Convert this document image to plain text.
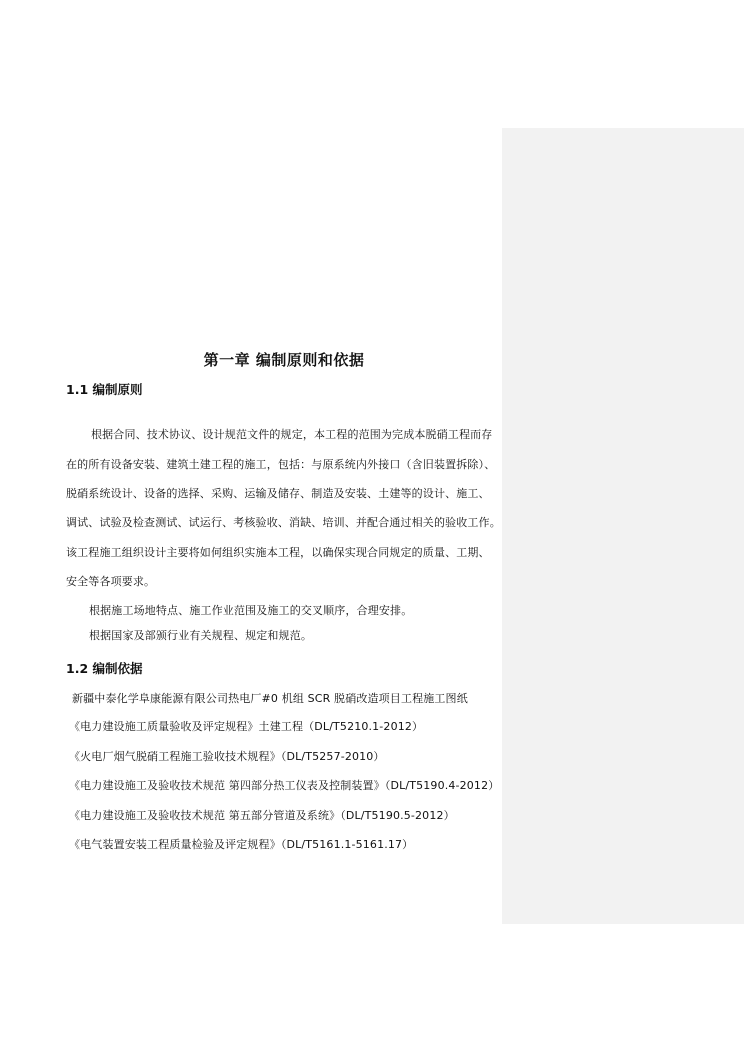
第一章 编制原则和依据
1.1 编制原则
根据合同、技术协议、设计规范文件的规定，本工程的范围为完成本脱硝工程而存
在的所有设备安装、建筑土建工程的施工，包括：与原系统内外接口（含旧装置拆除）、
脱硝系统设计、设备的选择、采购、运输及储存、制造及安装、土建等的设计、施工、
调试、试验及检查测试、试运行、考核验收、消缺、培训、并配合通过相关的验收工作。
该工程施工组织设计主要将如何组织实施本工程，以确保实现合同规定的质量、工期、
安全等各项要求。
根据施工场地特点、施工作业范围及施工的交叉顺序，合理安排。
根据国家及部颁行业有关规程、规定和规范。
1.2 编制依据
新疆中泰化学阜康能源有限公司热电厂#0 机组 SCR 脱硝改造项目工程施工图纸
《电力建设施工质量验收及评定规程》土建工程（DL/T5210.1-2012）
《火电厂烟气脱硝工程施工验收技术规程》（DL/T5257-2010）
《电力建设施工及验收技术规范 第四部分热工仪表及控制装置》（DL/T5190.4-2012）
《电力建设施工及验收技术规范 第五部分管道及系统》（DL/T5190.5-2012）
《电气装置安装工程质量检验及评定规程》（DL/T5161.1-5161.17）
